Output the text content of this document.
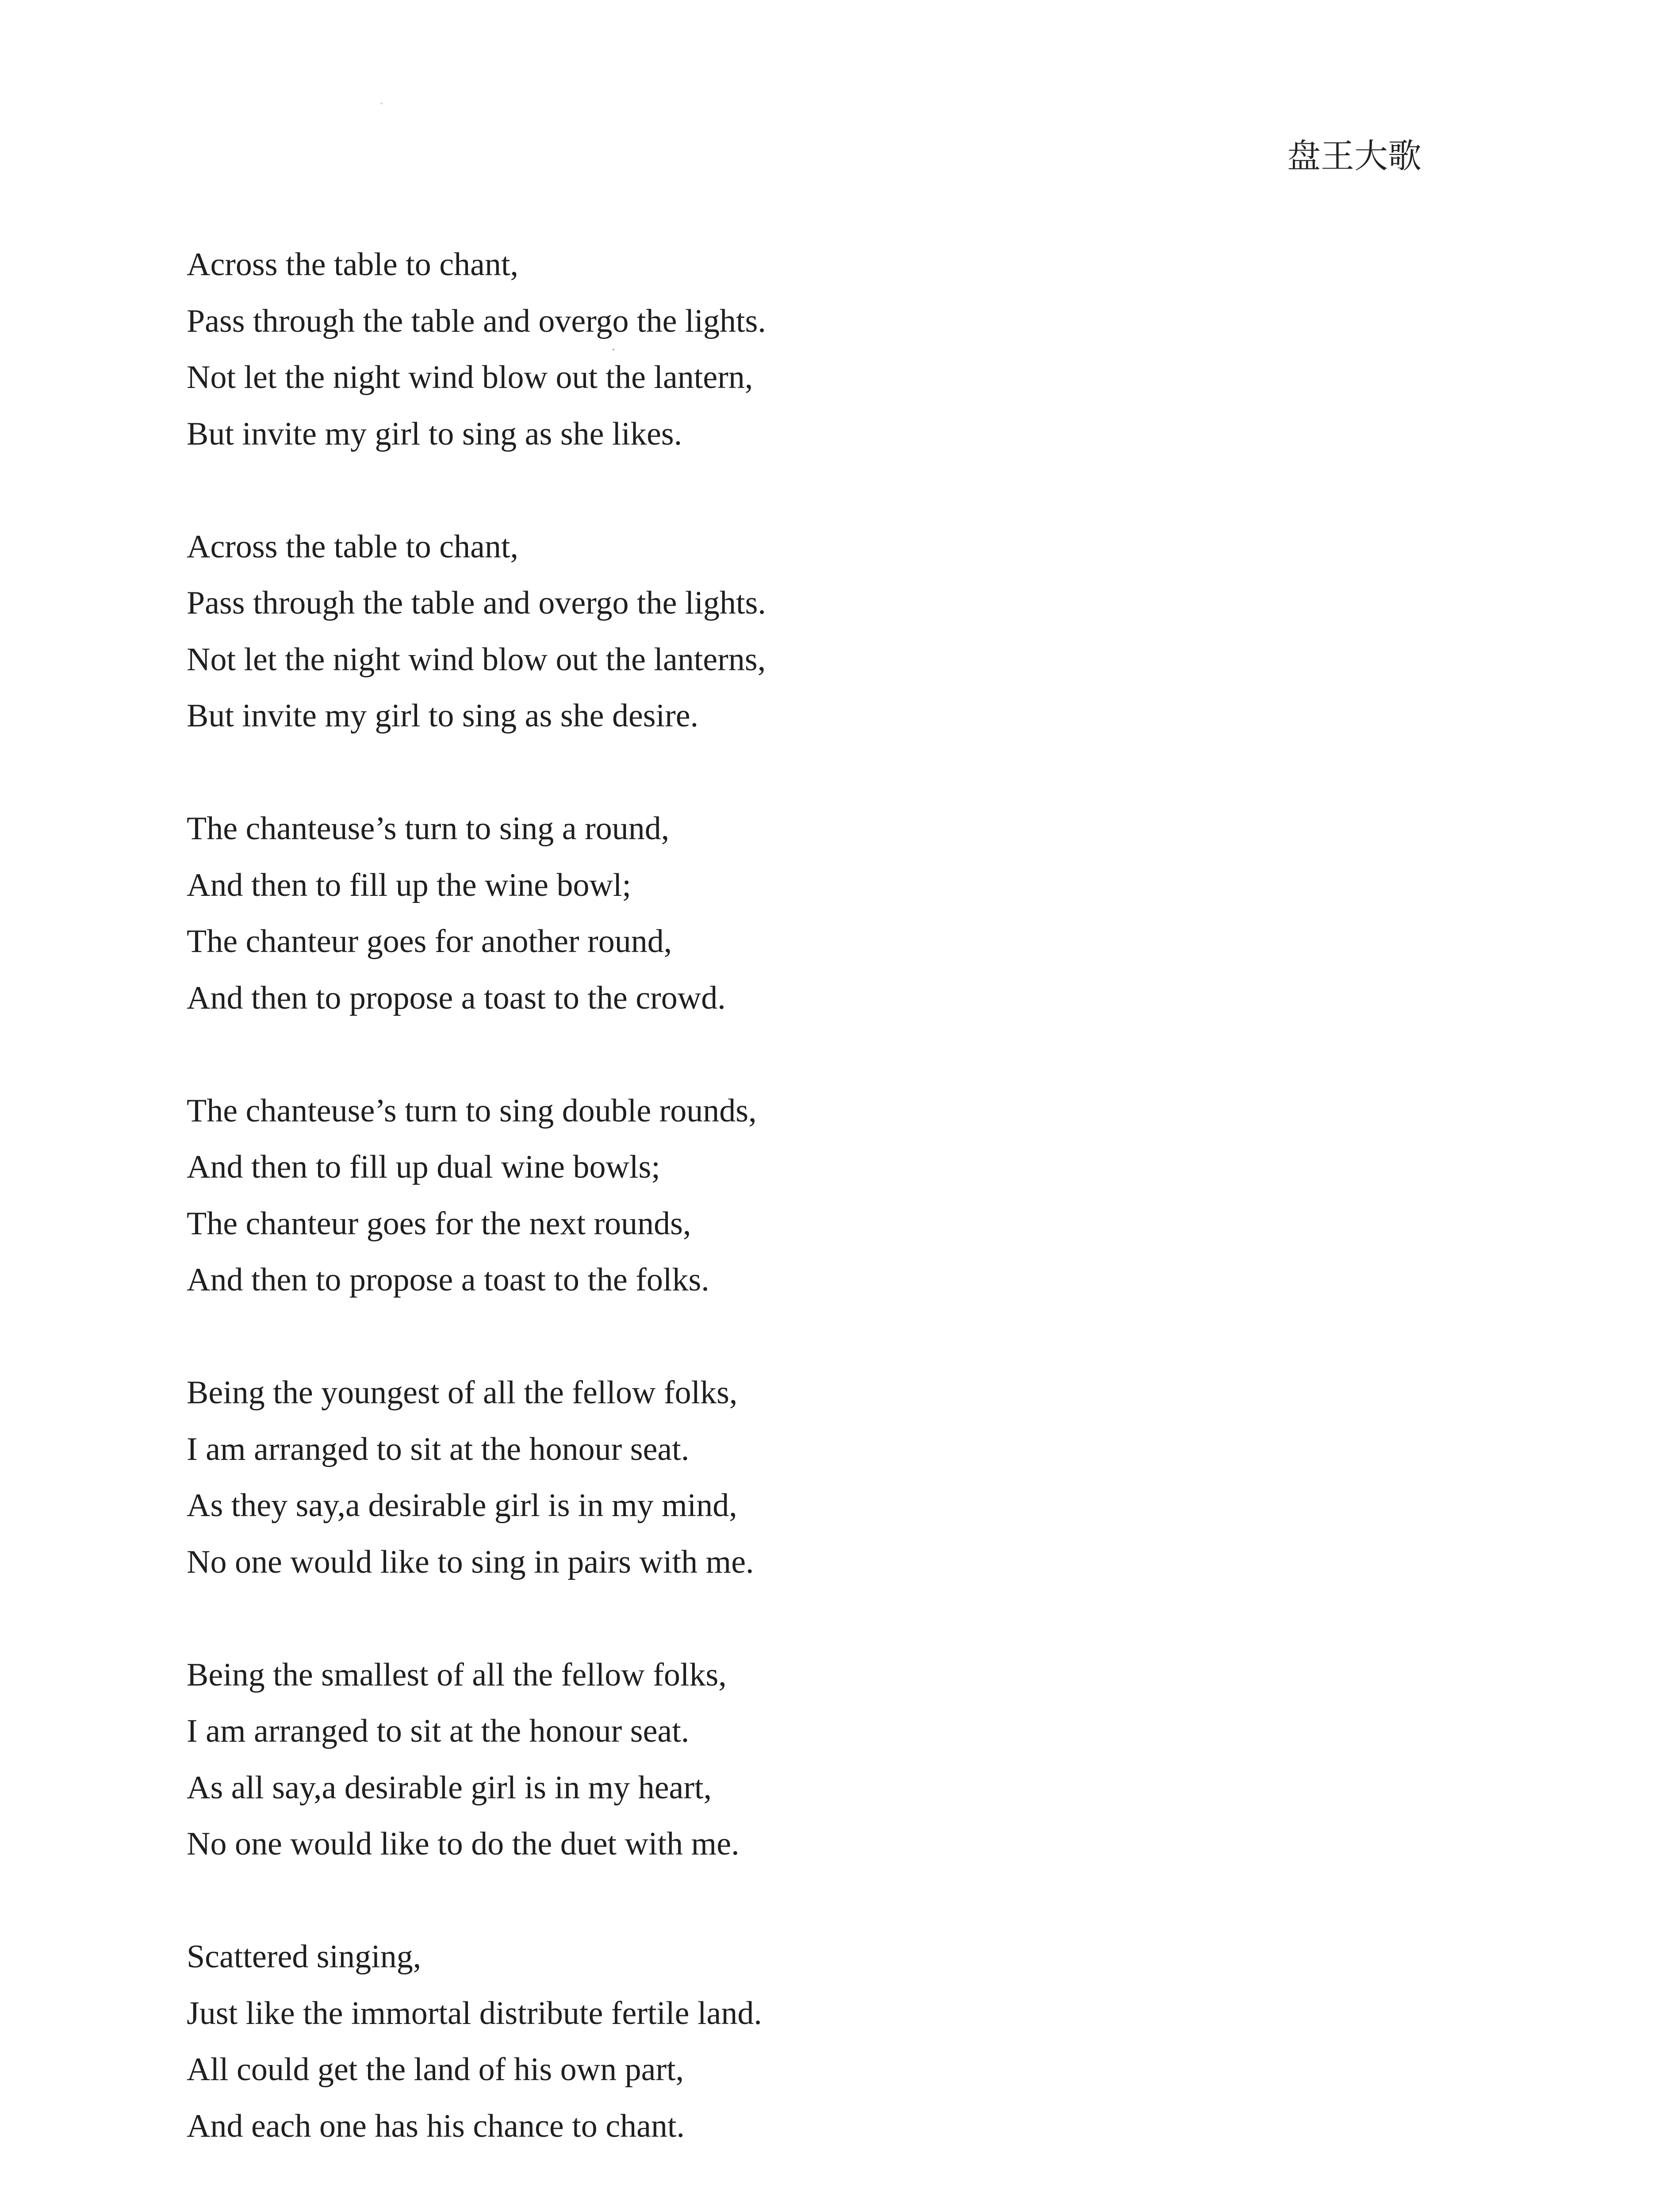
盘王大歌

Across the table to chant,
Pass through the table and overgo the lights.
Not let the night wind blow out the lantern,
But invite my girl to sing as she likes.

Across the table to chant,
Pass through the table and overgo the lights.
Not let the night wind blow out the lanterns,
But invite my girl to sing as she desire.

The chanteuse’s turn to sing a round,
And then to fill up the wine bowl;
The chanteur goes for another round,
And then to propose a toast to the crowd.

The chanteuse’s turn to sing double rounds,
And then to fill up dual wine bowls;
The chanteur goes for the next rounds,
And then to propose a toast to the folks.

Being the youngest of all the fellow folks,
I am arranged to sit at the honour seat.
As they say,a desirable girl is in my mind,
No one would like to sing in pairs with me.

Being the smallest of all the fellow folks,
I am arranged to sit at the honour seat.
As all say,a desirable girl is in my heart,
No one would like to do the duet with me.

Scattered singing,
Just like the immortal distribute fertile land.
All could get the land of his own part,
And each one has his chance to chant.
